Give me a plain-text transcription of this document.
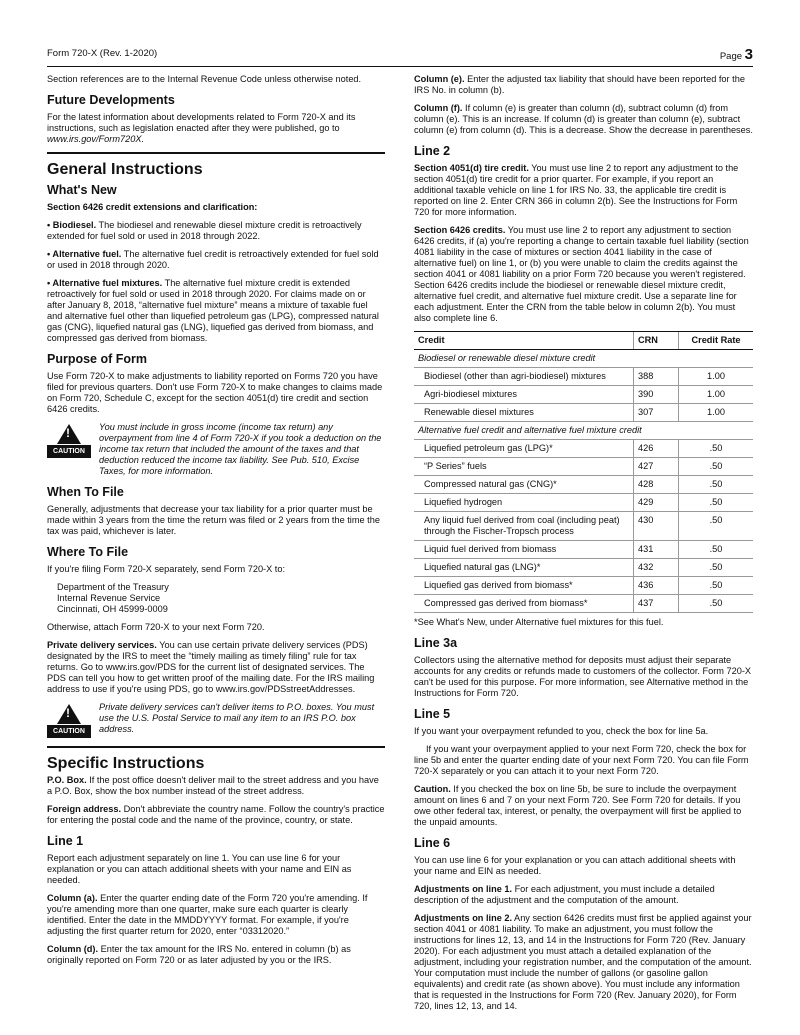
Form 720-X (Rev. 1-2020)	Page 3

Section references are to the Internal Revenue Code unless otherwise noted.

Future Developments

For the latest information about developments related to Form 720-X and its instructions, such as legislation enacted after they were published, go to www.irs.gov/Form720X.

General Instructions
What's New

Section 6426 credit extensions and clarification:

• Biodiesel. The biodiesel and renewable diesel mixture credit is retroactively extended for fuel sold or used in 2018 through 2022.

• Alternative fuel. The alternative fuel credit is retroactively extended for fuel sold or used in 2018 through 2020.

• Alternative fuel mixtures. The alternative fuel mixture credit is extended retroactively for fuel sold or used in 2018 through 2020. For claims made on or after January 8, 2018, “alternative fuel mixture” means a mixture of taxable fuel and alternative fuel other than liquefied petroleum gas (LPG), compressed natural gas (CNG), liquefied natural gas (LNG), liquefied gas derived from biomass, and compressed gas derived from biomass.

Purpose of Form

Use Form 720-X to make adjustments to liability reported on Forms 720 you have filed for previous quarters. Don't use Form 720-X to make changes to claims made on Form 720, Schedule C, except for the section 4051(d) tire credit and section 6426 credits.

!
CAUTION
You must include in gross income (income tax return) any overpayment from line 4 of Form 720-X if you took a deduction on the income tax return that included the amount of the taxes and that deduction reduced the income tax liability. See Pub. 510, Excise Taxes, for more information.
When To File

Generally, adjustments that decrease your tax liability for a prior quarter must be made within 3 years from the time the return was filed or 2 years from the time the tax was paid, whichever is later.

Where To File

If you're filing Form 720-X separately, send Form 720-X to:

Department of the Treasury
Internal Revenue Service
Cincinnati, OH 45999-0009

Otherwise, attach Form 720-X to your next Form 720.

Private delivery services. You can use certain private delivery services (PDS) designated by the IRS to meet the “timely mailing as timely filing” rule for tax returns. Go to www.irs.gov/PDS for the current list of designated services. The PDS can tell you how to get written proof of the mailing date. For the IRS mailing address to use if you're using PDS, go to www.irs.gov/PDSstreetAddresses.

!
CAUTION
Private delivery services can't deliver items to P.O. boxes. You must use the U.S. Postal Service to mail any item to an IRS P.O. box address.
Specific Instructions

P.O. Box. If the post office doesn't deliver mail to the street address and you have a P.O. Box, show the box number instead of the street address.

Foreign address. Don't abbreviate the country name. Follow the country's practice for entering the postal code and the name of the province, country, or state.

Line 1

Report each adjustment separately on line 1. You can use line 6 for your explanation or you can attach additional sheets with your name and EIN as needed.

Column (a). Enter the quarter ending date of the Form 720 you're amending. If you're amending more than one quarter, make sure each quarter is clearly identified. Enter the date in the MMDDYYYY format. For example, if you're adjusting the first quarter return for 2020, enter “03312020.”

Column (d). Enter the tax amount for the IRS No. entered in column (b) as originally reported on Form 720 or as later adjusted by you or the IRS.

Column (e). Enter the adjusted tax liability that should have been reported for the IRS No. in column (b).

Column (f). If column (e) is greater than column (d), subtract column (d) from column (e). This is an increase. If column (d) is greater than column (e), subtract column (e) from column (d). This is a decrease. Show the decrease in parentheses.

Line 2

Section 4051(d) tire credit. You must use line 2 to report any adjustment to the section 4051(d) tire credit for a prior quarter. For example, if you report an additional taxable vehicle on line 1 for IRS No. 33, the applicable tire credit is reported on line 2. Enter CRN 366 in column 2(b). See the Instructions for Form 720 for more information.

Section 6426 credits. You must use line 2 to report any adjustment to section 6426 credits, if (a) you're reporting a change to certain taxable fuel liability (section 4081 liability in the case of mixtures or section 4041 liability in the case of alternative fuel) on line 1, or (b) you were unable to claim the credits against the section 4041 or 4081 liability on a prior Form 720 because you weren't registered. Section 6426 credits include the biodiesel or renewable diesel mixture credit, alternative fuel credit, and alternative fuel mixture credit. Use a separate line for each adjustment. Enter the CRN from the table below in column 2(b). You must also complete line 6.

Credit	CRN	Credit Rate
Biodiesel or renewable diesel mixture credit		
Biodiesel (other than agri-biodiesel) mixtures	388	1.00
Agri-biodiesel mixtures	390	1.00
Renewable diesel mixtures	307	1.00
Alternative fuel credit and alternative fuel mixture credit		
Liquefied petroleum gas (LPG)*	426	.50
“P Series” fuels	427	.50
Compressed natural gas (CNG)*	428	.50
Liquefied hydrogen	429	.50
Any liquid fuel derived from coal (including peat) through the Fischer-Tropsch process	430	.50
Liquid fuel derived from biomass	431	.50
Liquefied natural gas (LNG)*	432	.50
Liquefied gas derived from biomass*	436	.50
Compressed gas derived from biomass*	437	.50

*See What's New, under Alternative fuel mixtures for this fuel.

Line 3a

Collectors using the alternative method for deposits must adjust their separate accounts for any credits or refunds made to customers of the collector. Form 720-X can't be used for this purpose. For more information, see Alternative method in the Instructions for Form 720.

Line 5

If you want your overpayment refunded to you, check the box for line 5a.

If you want your overpayment applied to your next Form 720, check the box for line 5b and enter the quarter ending date of your next Form 720. You can file Form 720-X separately or you can attach it to your next Form 720.

Caution. If you checked the box on line 5b, be sure to include the overpayment amount on lines 6 and 7 on your next Form 720. See Form 720 for details. If you owe other federal tax, interest, or penalty, the overpayment will first be applied to the unpaid amounts.

Line 6

You can use line 6 for your explanation or you can attach additional sheets with your name and EIN as needed.

Adjustments on line 1. For each adjustment, you must include a detailed description of the adjustment and the computation of the amount.

Adjustments on line 2. Any section 6426 credits must first be applied against your section 4041 or 4081 liability. To make an adjustment, you must follow the instructions for lines 12, 13, and 14 in the Instructions for Form 720 (Rev. January 2020). For each adjustment you must attach a detailed explanation of the adjustment, including your registration number, and the computation of the amount. Your computation must include the number of gallons (or gasoline gallon equivalents) and credit rate (as shown above). You must include any information that is requested in the Instructions for Form 720 (Rev. January 2020), for Form 720, lines 12, 13, and 14.
